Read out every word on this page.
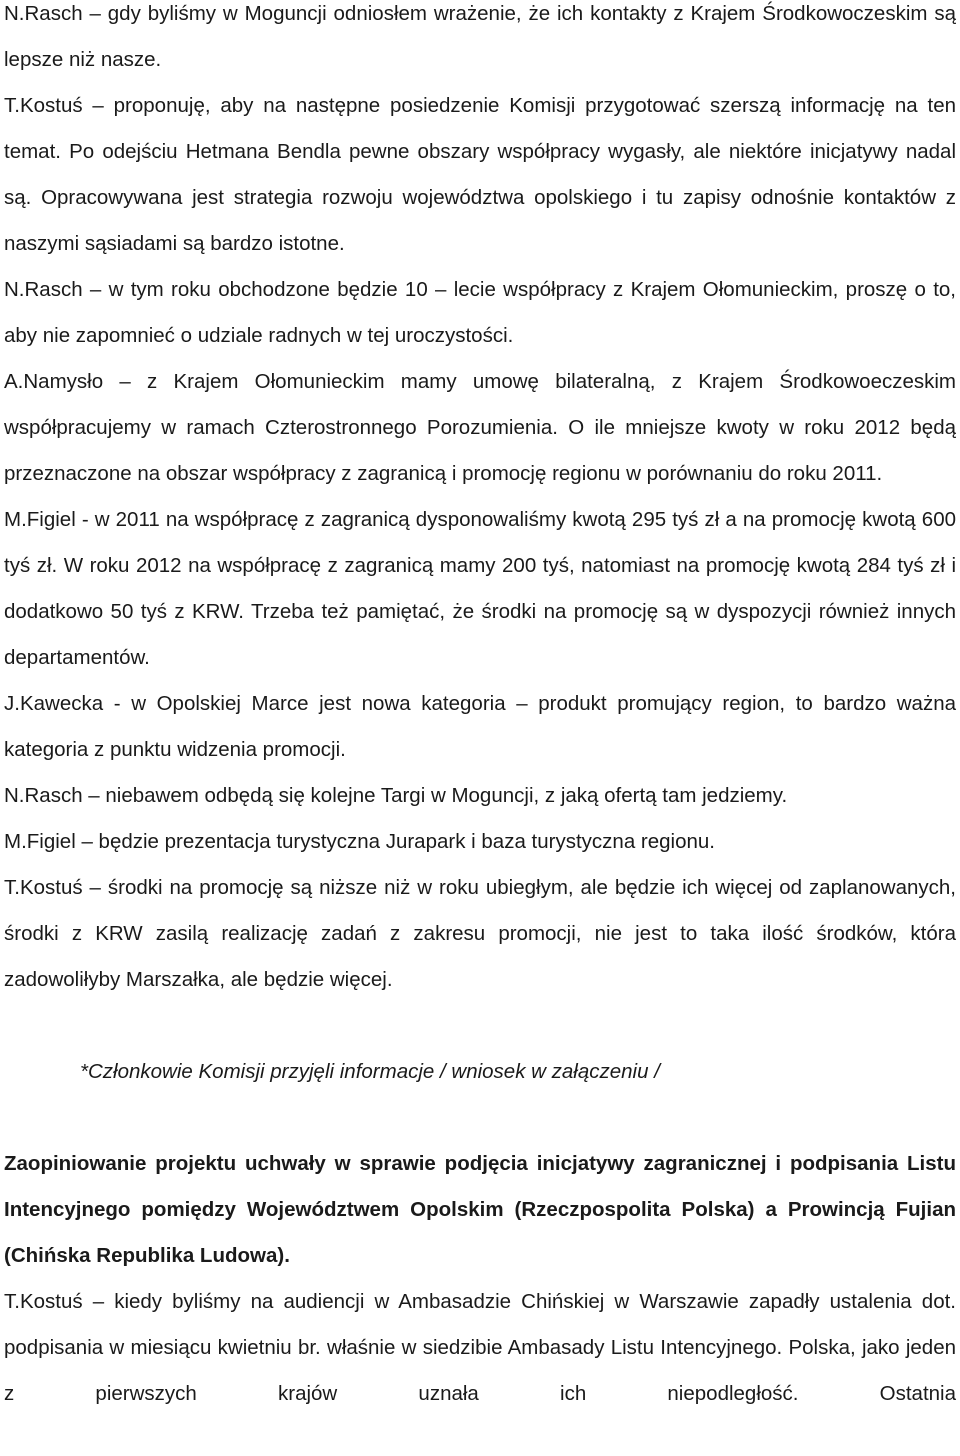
N.Rasch – gdy byliśmy w Moguncji odniosłem wrażenie, że ich kontakty z Krajem Środkowoczeskim są lepsze niż nasze.

T.Kostuś – proponuję, aby na następne posiedzenie Komisji przygotować szerszą informację na ten temat. Po odejściu Hetmana Bendla pewne obszary współpracy wygasły, ale niektóre inicjatywy nadal są. Opracowywana jest strategia rozwoju województwa opolskiego i tu zapisy odnośnie kontaktów z naszymi sąsiadami są bardzo istotne.

N.Rasch – w tym roku obchodzone będzie 10 – lecie współpracy z Krajem Ołomunieckim, proszę o to, aby nie zapomnieć o udziale radnych w tej uroczystości.

A.Namysło – z Krajem Ołomunieckim mamy umowę bilateralną, z Krajem Środkowoeczeskim współpracujemy w ramach Czterostronnego Porozumienia. O ile mniejsze kwoty w roku 2012 będą przeznaczone na obszar współpracy z zagranicą i promocję regionu w porównaniu do roku 2011.

M.Figiel - w 2011 na współpracę z zagranicą dysponowaliśmy kwotą 295 tyś zł a na promocję kwotą 600 tyś zł. W roku 2012 na współpracę z zagranicą mamy 200 tyś, natomiast na promocję kwotą 284 tyś zł i dodatkowo 50 tyś z KRW. Trzeba też pamiętać, że środki na promocję są w dyspozycji również innych departamentów.

J.Kawecka - w Opolskiej Marce jest nowa kategoria – produkt promujący region, to bardzo ważna kategoria z punktu widzenia promocji.

N.Rasch – niebawem odbędą się kolejne Targi w Moguncji, z jaką ofertą tam jedziemy.

M.Figiel – będzie prezentacja turystyczna Jurapark i baza turystyczna regionu.

T.Kostuś – środki na promocję są niższe niż w roku ubiegłym, ale będzie ich więcej od zaplanowanych, środki z KRW zasilą realizację zadań z zakresu promocji, nie jest to taka ilość środków, która zadowoliłyby Marszałka, ale będzie więcej.

*Członkowie Komisji przyjęli informacje / wniosek w załączeniu /

Zaopiniowanie projektu uchwały w sprawie podjęcia inicjatywy zagranicznej i podpisania Listu Intencyjnego pomiędzy Województwem Opolskim (Rzeczpospolita Polska) a Prowincją Fujian (Chińska Republika Ludowa).

T.Kostuś – kiedy byliśmy na audiencji w Ambasadzie Chińskiej w Warszawie zapadły ustalenia dot. podpisania w miesiącu kwietniu br. właśnie w siedzibie Ambasady Listu Intencyjnego. Polska, jako jeden z pierwszych krajów uznała ich niepodległość. Ostatnia
